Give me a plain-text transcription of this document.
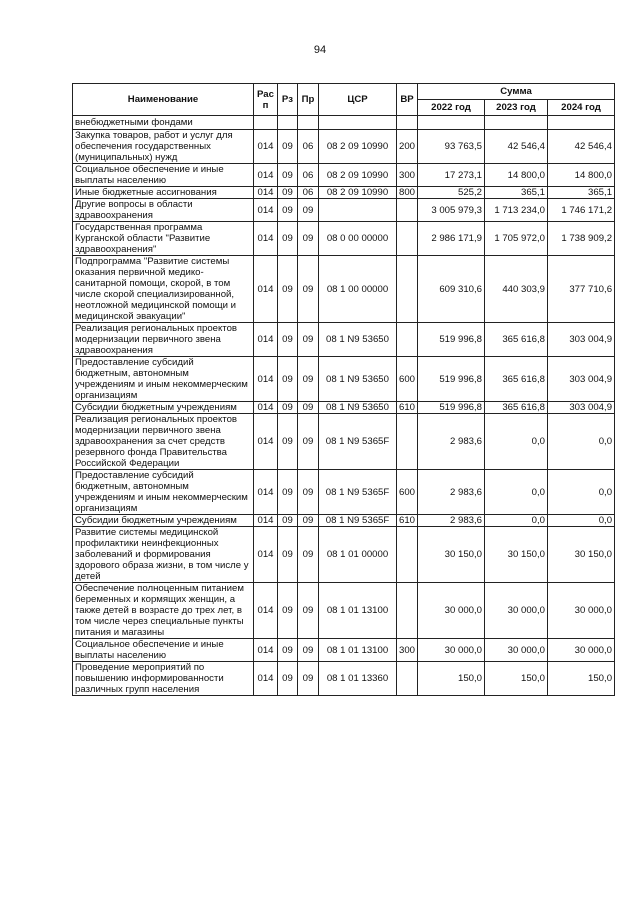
94
Наименование	Рас п	Рз	Пр	ЦСР	ВР	Сумма		
						2022 год	2023 год	2024 год
внебюджетными фондами								
Закупка товаров, работ и услуг для обеспечения государственных (муниципальных) нужд	014	09	06	08 2 09 10990	200	93 763,5	42 546,4	42 546,4
Социальное обеспечение и иные выплаты населению	014	09	06	08 2 09 10990	300	17 273,1	14 800,0	14 800,0
Иные бюджетные ассигнования	014	09	06	08 2 09 10990	800	525,2	365,1	365,1
Другие вопросы в области здравоохранения	014	09	09			3 005 979,3	1 713 234,0	1 746 171,2
Государственная программа Курганской области "Развитие здравоохранения"	014	09	09	08 0 00 00000		2 986 171,9	1 705 972,0	1 738 909,2
Подпрограмма "Развитие системы оказания первичной медико-санитарной помощи, скорой, в том числе скорой специализированной, неотложной медицинской помощи и медицинской эвакуации"	014	09	09	08 1 00 00000		609 310,6	440 303,9	377 710,6
Реализация региональных проектов модернизации первичного звена здравоохранения	014	09	09	08 1 N9 53650		519 996,8	365 616,8	303 004,9
Предоставление субсидий бюджетным, автономным учреждениям и иным некоммерческим организациям	014	09	09	08 1 N9 53650	600	519 996,8	365 616,8	303 004,9
Субсидии бюджетным учреждениям	014	09	09	08 1 N9 53650	610	519 996,8	365 616,8	303 004,9
Реализация региональных проектов модернизации первичного звена здравоохранения за счет средств резервного фонда Правительства Российской Федерации	014	09	09	08 1 N9 5365F		2 983,6	0,0	0,0
Предоставление субсидий бюджетным, автономным учреждениям и иным некоммерческим организациям	014	09	09	08 1 N9 5365F	600	2 983,6	0,0	0,0
Субсидии бюджетным учреждениям	014	09	09	08 1 N9 5365F	610	2 983,6	0,0	0,0
Развитие системы медицинской профилактики неинфекционных заболеваний и формирования здорового образа жизни, в том числе у детей	014	09	09	08 1 01 00000		30 150,0	30 150,0	30 150,0
Обеспечение полноценным питанием беременных и кормящих женщин, а также детей в возрасте до трех лет, в том числе через специальные пункты питания и магазины	014	09	09	08 1 01 13100		30 000,0	30 000,0	30 000,0
Социальное обеспечение и иные выплаты населению	014	09	09	08 1 01 13100	300	30 000,0	30 000,0	30 000,0
Проведение мероприятий по повышению информированности различных групп населения	014	09	09	08 1 01 13360		150,0	150,0	150,0
